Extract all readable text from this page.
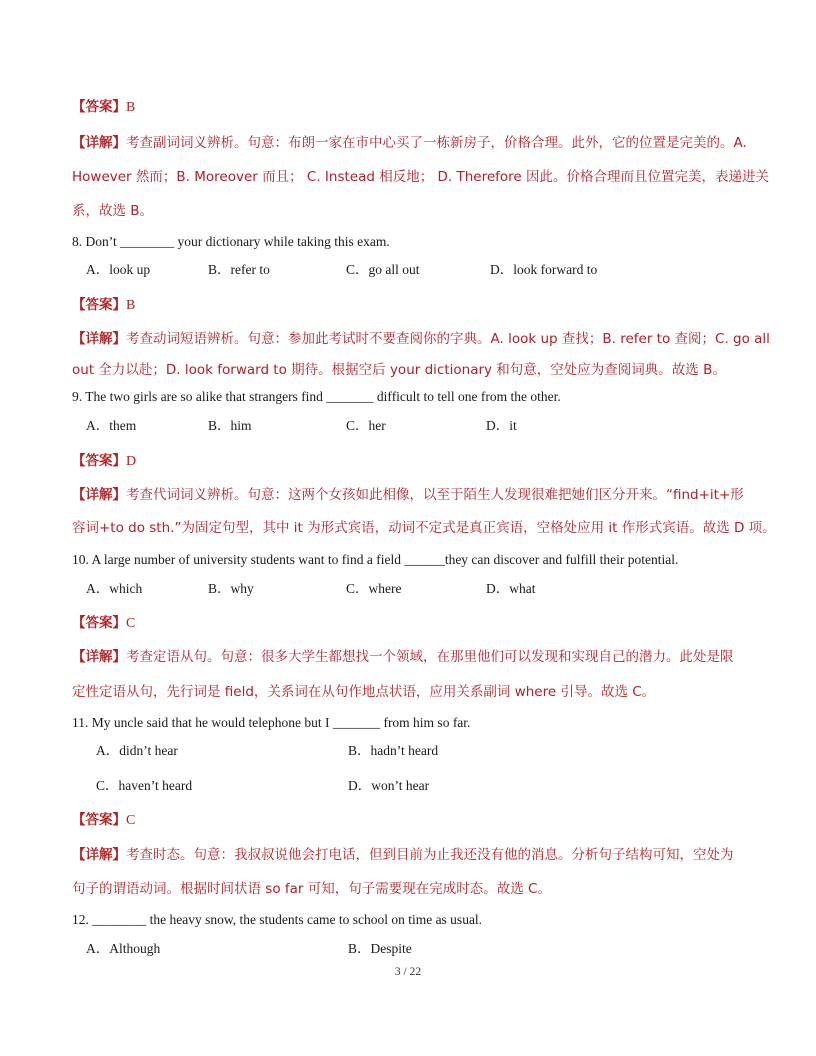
【答案】B
【详解】考查副词词义辨析。句意：布朗一家在市中心买了一栋新房子，价格合理。此外，它的位置是完美的。A.
However 然而；B. Moreover 而且； C. Instead 相反地； D. Therefore 因此。价格合理而且位置完美，表递进关
系，故选 B。
8. Don’t ________ your dictionary while taking this exam.
A．look up	B．refer to	C．go all out	D．look forward to
【答案】B
【详解】考查动词短语辨析。句意：参加此考试时不要查阅你的字典。A. look up 查找；B. refer to 查阅；C. go all
out 全力以赴；D. look forward to 期待。根据空后 your dictionary 和句意，空处应为查阅词典。故选 B。
9. The two girls are so alike that strangers find _______ difficult to tell one from the other.
A．them	B．him	C．her	D．it
【答案】D
【详解】考查代词词义辨析。句意：这两个女孩如此相像，以至于陌生人发现很难把她们区分开来。“find+it+形
容词+to do sth.”为固定句型，其中 it 为形式宾语，动词不定式是真正宾语，空格处应用 it 作形式宾语。故选 D 项。
10. A large number of university students want to find a field ______they can discover and fulfill their potential.
A．which	B．why	C．where	D．what
【答案】C
【详解】考查定语从句。句意：很多大学生都想找一个领域，在那里他们可以发现和实现自己的潜力。此处是限
定性定语从句，先行词是 field，关系词在从句作地点状语，应用关系副词 where 引导。故选 C。
11. My uncle said that he would telephone but I _______ from him so far.
A．didn’t hear	B．hadn’t heard
C．haven’t heard	D．won’t hear
【答案】C
【详解】考查时态。句意：我叔叔说他会打电话，但到目前为止我还没有他的消息。分析句子结构可知，空处为
句子的谓语动词。根据时间状语 so far 可知，句子需要现在完成时态。故选 C。
12. ________ the heavy snow, the students came to school on time as usual.
A．Although	B．Despite
3 / 22
